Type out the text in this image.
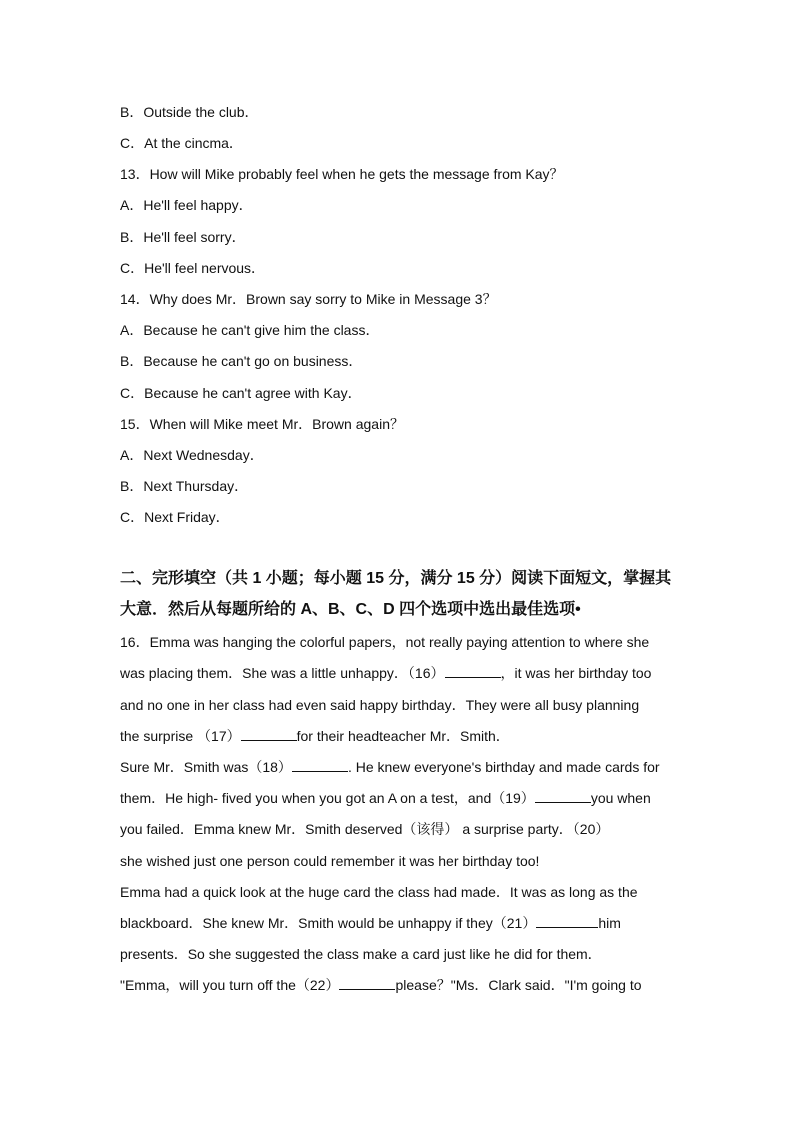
B．Outside the club．
C．At the cincma．
13．How will Mike probably feel when he gets the message from Kay？
A．He'll feel happy．
B．He'll feel sorry．
C．He'll feel nervous．
14．Why does Mr．Brown say sorry to Mike in Message 3？
A．Because he can't give him the class．
B．Because he can't go on business．
C．Because he can't agree with Kay．
15．When will Mike meet Mr．Brown again？
A．Next Wednesday．
B．Next Thursday．
C．Next Friday．
二、完形填空（共 1 小题；每小题 15 分，满分 15 分）阅读下面短文，掌握其
大意．然后从每题所给的 A、B、C、D 四个选项中选出最佳选项•
16．Emma was hanging the colorful papers，not really paying attention to where she
was placing them．She was a little unhappy．（16）	，it was her birthday too
and no one in her class had even said happy birthday．They were all busy planning
the surprise （17）	for their headteacher Mr．Smith．
Sure Mr．Smith was（18）	. He knew everyone's birthday and made cards for
them．He high- fived you when you got an A on a test，and（19）	you when
you failed．Emma knew Mr．Smith deserved（该得） a surprise party．（20）
she wished just one person could remember it was her birthday too!
Emma had a quick look at the huge card the class had made．It was as long as the
blackboard．She knew Mr．Smith would be unhappy if they（21）	him
presents．So she suggested the class make a card just like he did for them．
"Emma，will you turn off the（22）	please？"Ms．Clark said．"I'm going to
